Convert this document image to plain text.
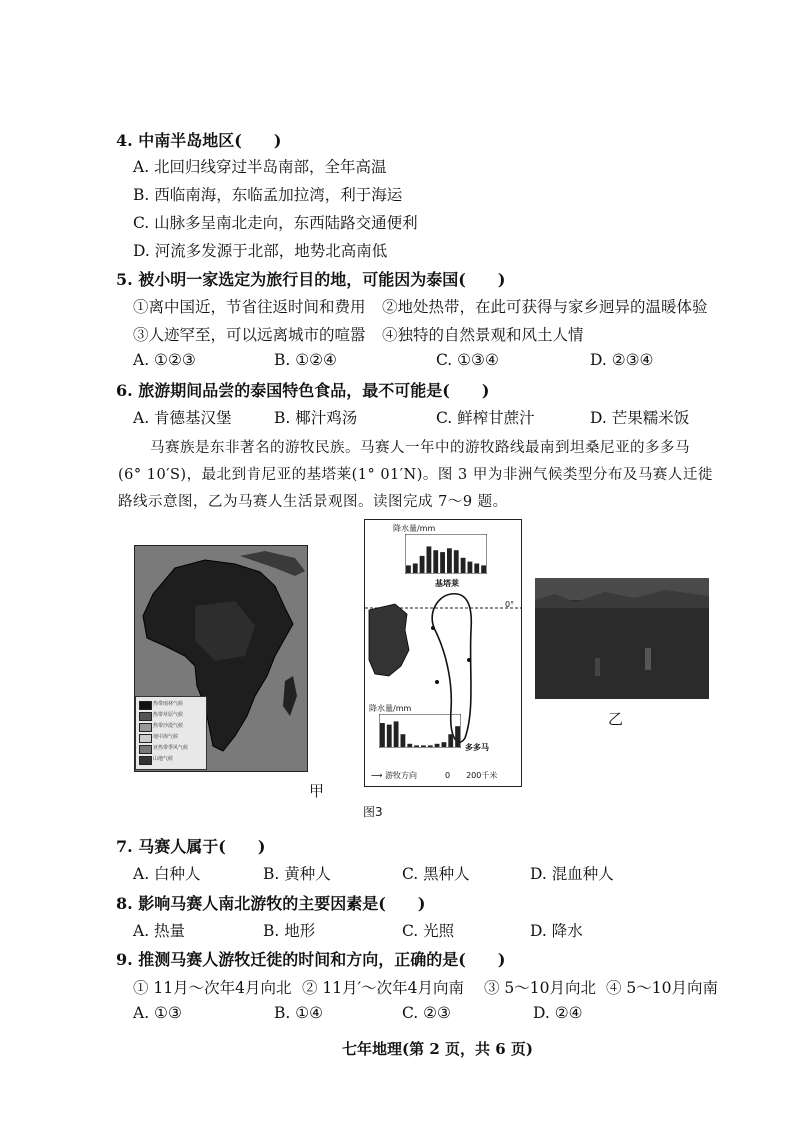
4. 中南半岛地区(　　)
A. 北回归线穿过半岛南部，全年高温
B. 西临南海，东临孟加拉湾，利于海运
C. 山脉多呈南北走向，东西陆路交通便利
D. 河流多发源于北部，地势北高南低
5. 被小明一家选定为旅行目的地，可能因为泰国(　　)
①离中国近，节省往返时间和费用 ②地处热带，在此可获得与家乡迥异的温暖体验
③人迹罕至，可以远离城市的喧嚣 ④独特的自然景观和风土人情
A. ①②③	B. ①②④	C. ①③④	D. ②③④
6. 旅游期间品尝的泰国特色食品，最不可能是(　　)
A. 肯德基汉堡	B. 椰汁鸡汤	C. 鲜榨甘蔗汁	D. 芒果糯米饭
马赛族是东非著名的游牧民族。马赛人一年中的游牧路线最南到坦桑尼亚的多多马
(6° 10′S)，最北到肯尼亚的基塔莱(1° 01′N)。图 3 甲为非洲气候类型分布及马赛人迁徙
路线示意图，乙为马赛人生活景观图。读图完成 7～9 题。
热带雨林气候
热带草原气候
热带沙漠气候
地中海气候
亚热带季风气候
山地气候
甲
降水量/mm
基塔莱
0°
降水量/mm
多多马
⟶ 游牧方向	0　　200千米
图3
乙
7. 马赛人属于(　　)
A. 白种人	B. 黄种人	C. 黑种人	D. 混血种人
8. 影响马赛人南北游牧的主要因素是(　　)
A. 热量	B. 地形	C. 光照	D. 降水
9. 推测马赛人游牧迁徙的时间和方向，正确的是(　　)
① 11月～次年4月向北 ② 11月′～次年4月向南 ③ 5～10月向北 ④ 5～10月向南
A. ①③	B. ①④	C. ②③	D. ②④
七年地理(第 2 页，共 6 页)
